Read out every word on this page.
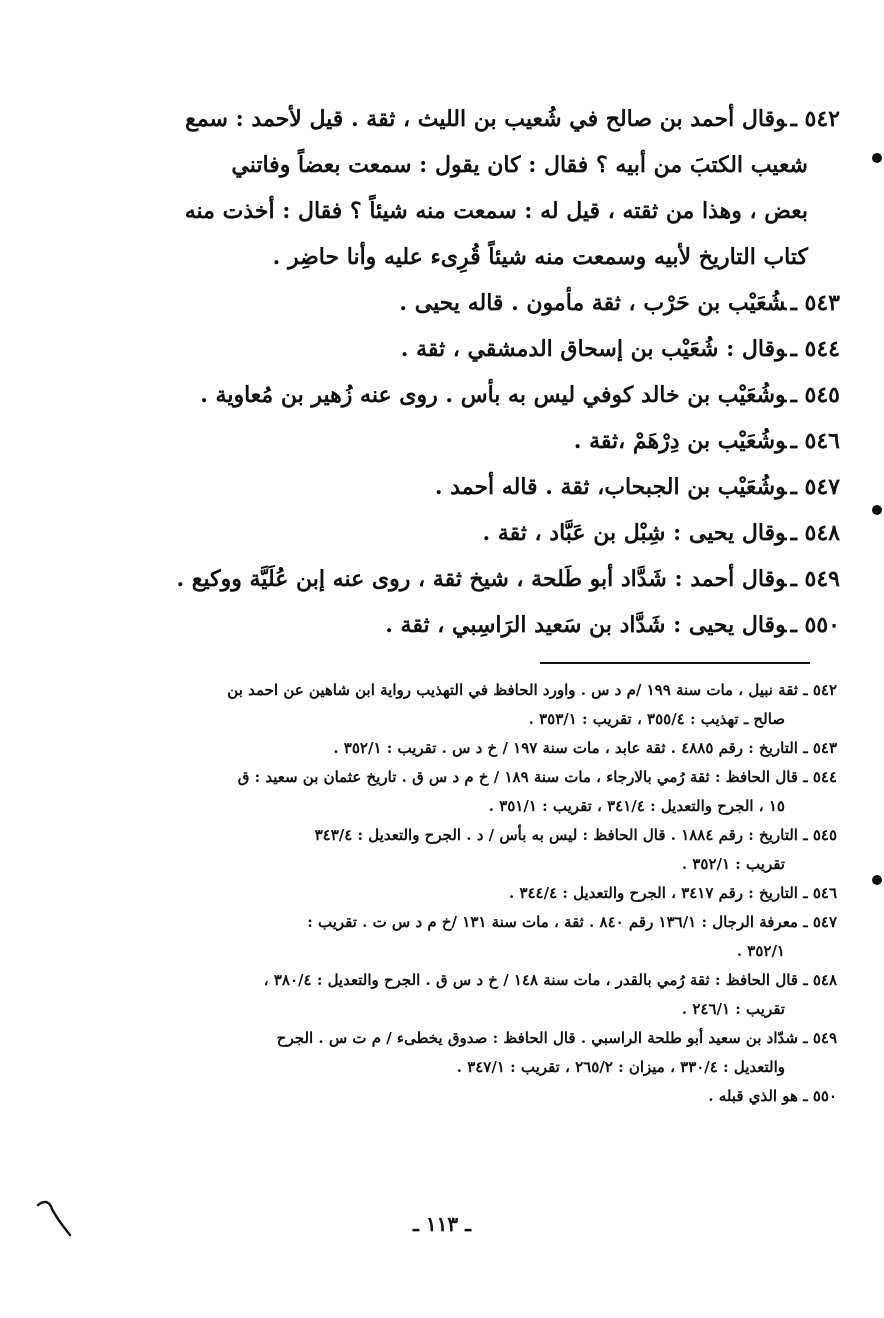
٥٤٢ ـوقال أحمد بن صالح في شُعيب بن الليث ، ثقة . قيل لأحمد : سمع
شعيب الكتبَ من أبيه ؟ فقال : كان يقول : سمعت بعضاً وفاتني
بعض ، وهذا من ثقته ، قيل له : سمعت منه شيئاً ؟ فقال : أخذت منه
كتاب التاريخ لأبيه وسمعت منه شيئاً قُرِىء عليه وأنا حاضِر .
٥٤٣ ـشُعَيْب بن حَرْب ، ثقة مأمون . قاله يحيى .
٥٤٤ ـوقال : شُعَيْب بن إسحاق الدمشقي ، ثقة .
٥٤٥ ـوشُعَيْب بن خالد كوفي ليس به بأس . روى عنه زُهير بن مُعاوية .
٥٤٦ ـوشُعَيْب بن دِرْهَمْ ،ثقة .
٥٤٧ ـوشُعَيْب بن الجبحاب، ثقة . قاله أحمد .
٥٤٨ ـوقال يحيى : شِبْل بن عَبَّاد ، ثقة .
٥٤٩ ـوقال أحمد : شَدَّاد أبو طَلحة ، شيخ ثقة ، روى عنه إبن عُلَيَّة ووكيع .
٥٥٠ ـوقال يحيى : شَدَّاد بن سَعيد الرَاسِبي ، ثقة .
٥٤٢ ـ ثقة نبيل ، مات سنة ١٩٩ /م د س . واورد الحافظ في التهذيب رواية ابن شاهين عن احمد بن
صالح ـ تهذيب : ٣٥٥/٤ ، تقريب : ٣٥٣/١ .
٥٤٣ ـ التاريخ : رقم ٤٨٨٥ . ثقة عابد ، مات سنة ١٩٧ / خ د س . تقريب : ٣٥٢/١ .
٥٤٤ ـ قال الحافظ : ثقة رُمي بالارجاء ، مات سنة ١٨٩ / خ م د س ق . تاريخ عثمان بن سعيد : ق
١٥ ، الجرح والتعديل : ٣٤١/٤ ، تقريب : ٣٥١/١ .
٥٤٥ ـ التاريخ : رقم ١٨٨٤ . قال الحافظ : ليس به بأس / د . الجرح والتعديل : ٣٤٣/٤
تقريب : ٣٥٢/١ .
٥٤٦ ـ التاريخ : رقم ٣٤١٧ ، الجرح والتعديل : ٣٤٤/٤ .
٥٤٧ ـ معرفة الرجال : ١٣٦/١ رقم ٨٤٠ . ثقة ، مات سنة ١٣١ /خ م د س ت . تقريب :
٣٥٢/١ .
٥٤٨ ـ قال الحافظ : ثقة رُمي بالقدر ، مات سنة ١٤٨ / خ د س ق . الجرح والتعديل : ٣٨٠/٤ ،
تقريب : ٢٤٦/١ .
٥٤٩ ـ شدّاد بن سعيد أبو طلحة الراسبي . قال الحافظ : صدوق يخطىء / م ت س . الجرح
والتعديل : ٣٣٠/٤ ، ميزان : ٢٦٥/٢ ، تقريب : ٣٤٧/١ .
٥٥٠ ـ هو الذي قبله .
ـ ١١٣ ـ
